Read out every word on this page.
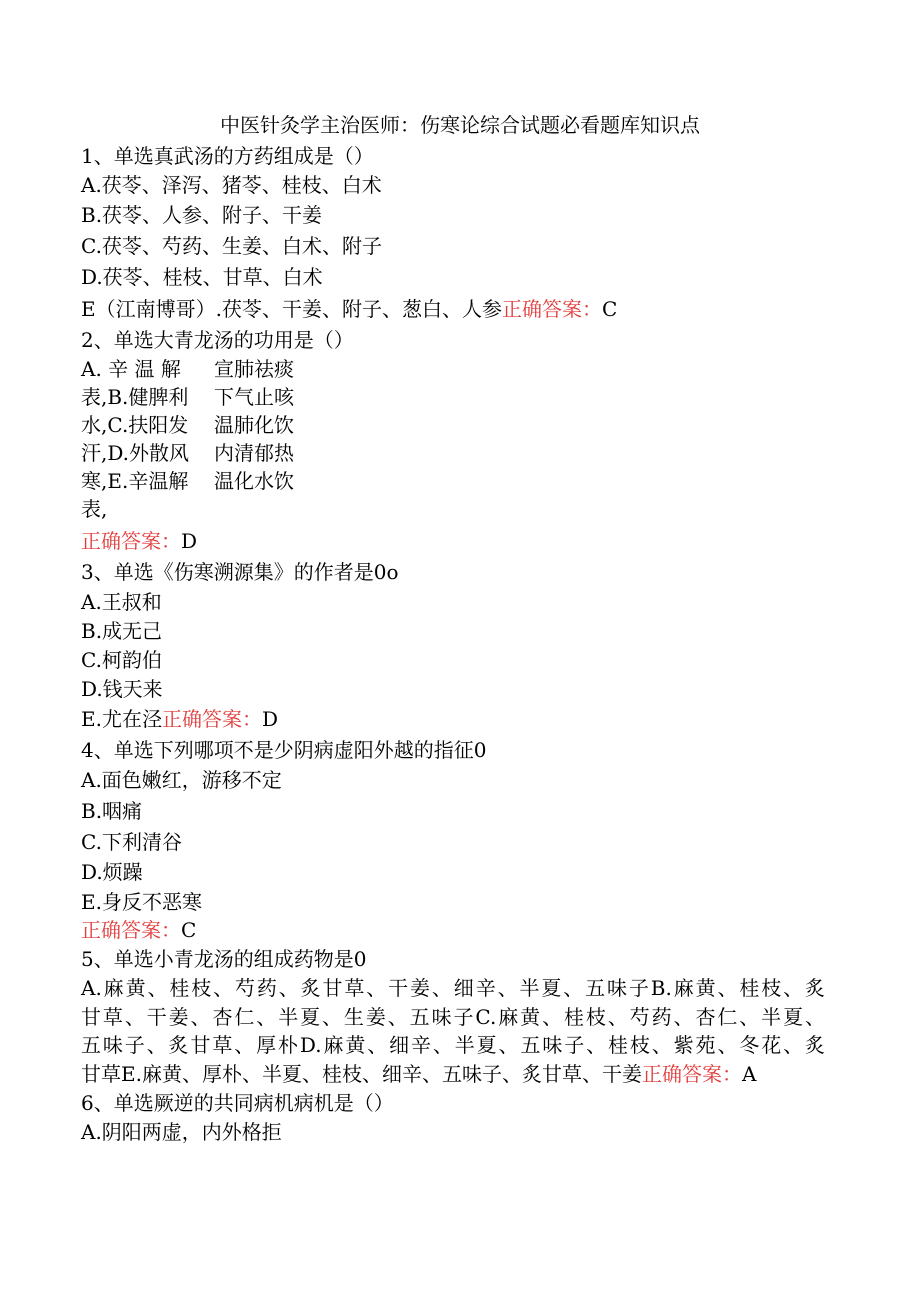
中医针灸学主治医师：伤寒论综合试题必看题库知识点
1、单选真武汤的方药组成是（）
A.茯苓、泽泻、猪苓、桂枝、白术
B.茯苓、人参、附子、干姜
C.茯苓、芍药、生姜、白术、附子
D.茯苓、桂枝、甘草、白术
E（江南博哥）.茯苓、干姜、附子、葱白、人参正确答案：C
2、单选大青龙汤的功用是（）
A. 辛 温 解
表,B.健脾利
水,C.扶阳发
汗,D.外散风
寒,E.辛温解
表,
宣肺祛痰
下气止咳
温肺化饮
内清郁热
温化水饮
正确答案：D
3、单选《伤寒溯源集》的作者是0o
A.王叔和
B.成无己
C.柯韵伯
D.钱天来
E.尤在泾正确答案：D
4、单选下列哪项不是少阴病虚阳外越的指征0
A.面色嫩红，游移不定
B.咽痛
C.下利清谷
D.烦躁
E.身反不恶寒
正确答案：C
5、单选小青龙汤的组成药物是0
A.麻黄、桂枝、芍药、炙甘草、干姜、细辛、半夏、五味子B.麻黄、桂枝、炙
甘草、干姜、杏仁、半夏、生姜、五味子C.麻黄、桂枝、芍药、杏仁、半夏、
五味子、炙甘草、厚朴D.麻黄、细辛、半夏、五味子、桂枝、紫苑、冬花、炙
甘草E.麻黄、厚朴、半夏、桂枝、细辛、五味子、炙甘草、干姜正确答案：A
6、单选厥逆的共同病机病机是（）
A.阴阳两虚，内外格拒
